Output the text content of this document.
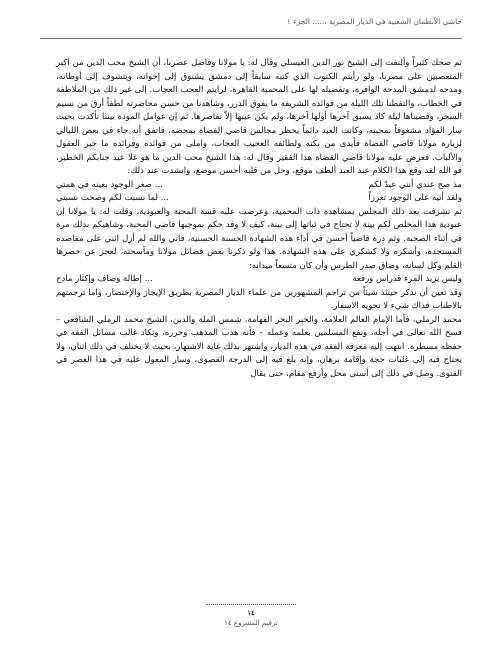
حاشي الأنطمان الشعبية في الديار المصرية ...... الجزء ١

ثم ضحك كثيراً وألتفت إلى الشيخ نور الدين العيسلي وقال له: يا مولانا وفاضل عصرنا، أن الشيخ محب الدين من اكبر المتعصبين على مصرنا، ولو رأيتم الكتوب الذي كتبه سابقاً إلى دمشق يشتوق إلى إخوانه، ويتشوف إلى أوطانه، ومدحه لدمشق المدحة الوافرة، وتفضيله لها على المحمية القاهرة، لرايتم العجب العجاب. إلى غير ذلك من الملاطفة في الخطاب، والتقطنا تلك الليلة من فوائده الشريفة ما يفوق الدرر، وشاهدنا من حسن محاضرته لطفاً أرق من نسيم السحر، وقضيناها ليلة كاد يسبق آخرها أولها آخرها، ولم يكن عيبها إلاّ تقاصرها. ثم إن عوامل المودة بيننا تأكدت بحيث سار الفؤاد مشغوفاً بمحبته، وكانت العبد دائماً يحظر مجالس قاضي القضاة بمحضه، فاتفق أنه جاء في بعض الليالي لزيارة مولانا قاضي القضاة فأبدى من نكته ولطائفه العجيب العجاب، واملى من فوائده وفرائده ما حير العقول والألباب. فعرض عليه مولانا قاضي القضاة هذا الفقير وقال له: هذا الشيخ محب الدين ما هو غلا عبد جنابكم الخطير، فو الله لقد وقع هذا الكلام عند العبد ألطف موقع، وحل من قلبه أحسن موضع، وانشدت عند ذلك:

مذ صح عندي أنني عبدٌ لكم
... صغر الوجود بعينه في همتي
ولقد أتيه على الوجود تعززاً
... لما نسبت لكم وصحت نسبتي

ثم تشرفت بعد ذلك المجلس بمشاهدة ذات المحمية، وعرضت عليه قسة المحبة والعبودية، وقلت له: يا مولانا ان عبودية هذا المخلص لكم بينة لا تحتاج في ثباتها إلى بينة، كيف لا وقد حكم بموجبها قاضي المحبة، وشاهيكم بذلك مرة في أثناء الصحبة. وثم درة قاضياً أحسن في أداء هذه الشهادة الحسنة الحسنية، فاني والله لم أزل اثني على مقاصده المستجدة، وأشكره ولا كشكري على هذه الشهادة. هذا ولو ذكرنا بعض فضائل مولانا ومآسحته، لعجز عن حصرها القلم وكل لسانه، وضاق صدر الطرس وأن كان متسعاً ميدانه:

وليس يزيد المرء قدراس ورفعة
... إطالة وصاف وإكثار مادح

وقد تعين أن نذكر حينئذ شيئاً من تراجم المشهورين من علماء الديار المصرية بطريق الإيجاز والإختصار، واما ترجمتهم بالاطناب فذاك شيء لا تحويه الاسفار.

محمد الرملي، فأما الإمام العالم العلامة، والحبر البحر الفهامة، شمس الملة والدين، الشيخ محمد الرملي الشافعي – فسح الله تعالى في أجله، ونفع المسلمين بعلمه وعمله – فأنه هذب المذهب وحرره، وتكاد غالب مسائل الفقه في حفظه مسطرة. انتهت إليه معرفة الفقه في هذه الديار، واشتهر بذلك غاية الاشتهار، بحيث لا يختلف في ذلك اثنان، ولا يحتاج فيه إلى غلبات حجة وإقامة برهان، وإنه بلغ فيه إلى الدرجة القصوى، وسار المعول عليه في هذا العصر في الفتوى. وصل في ذلك إلى أسنى محل وأرفع مقام، حتى يقال

١٤
ترقيم المشروع ١٤
